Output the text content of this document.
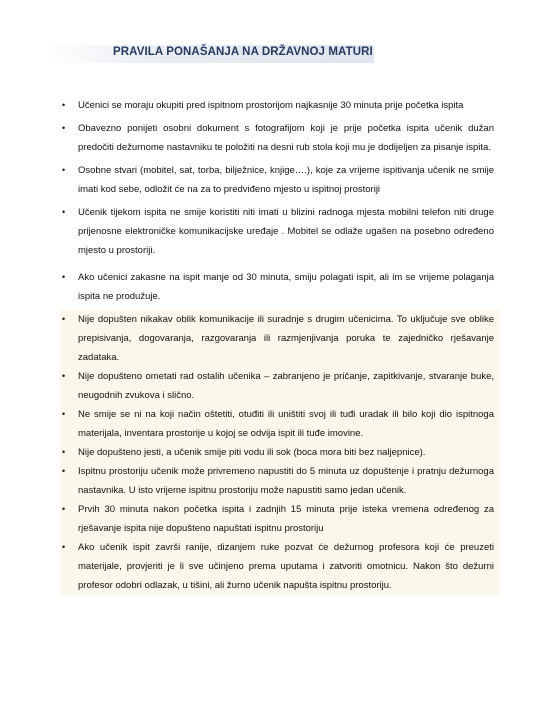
PRAVILA PONAŠANJA NA DRŽAVNOJ MATURI
• Učenici se moraju okupiti pred ispitnom prostorijom najkasnije 30 minuta prije početka ispita
• Obavezno ponijeti osobni dokument s fotografijom koji je prije početka ispita učenik dužan predočiti dežurnome nastavniku te položiti na desni rub stola koji mu je dodijeljen za pisanje ispita.
• Osobne stvari (mobitel, sat, torba, bilježnice, knjige….), koje za vrijeme ispitivanja učenik ne smije imati kod sebe, odložit će na za to predviđeno mjesto u ispitnoj prostoriji
• Učenik tijekom ispita ne smije koristiti niti imati u blizini radnoga mjesta mobilni telefon niti druge prijenosne elektroničke komunikacijske uređaje . Mobitel se odlaže ugašen na posebno određeno mjesto u prostoriji.
• Ako učenici zakasne na ispit manje od 30 minuta, smiju polagati ispit, ali im se vrijeme polaganja ispita ne produžuje.
• Nije dopušten nikakav oblik komunikacije ili suradnje s drugim učenicima. To uključuje sve oblike prepisivanja, dogovaranja, razgovaranja ili razmjenjivanja poruka te zajedničko rješavanje zadataka.
• Nije dopušteno ometati rad ostalih učenika – zabranjeno je pričanje, zapitkivanje, stvaranje buke, neugodnih zvukova i slično.
• Ne smije se ni na koji način oštetiti, otuđiti ili uništiti svoj ili tuđi uradak ili bilo koji dio ispitnoga materijala, inventara prostorije u kojoj se odvija ispit ili tuđe imovine.
• Nije dopušteno jesti, a učenik smije piti vodu ili sok (boca mora biti bez naljepnice).
• Ispitnu prostoriju učenik može privremeno napustiti do 5 minuta uz dopuštenje i pratnju dežurnoga nastavnika. U isto vrijeme ispitnu prostoriju može napustiti samo jedan učenik.
• Prvih 30 minuta nakon početka ispita i zadnjih 15 minuta prije isteka vremena određenog za rješavanje ispita nije dopušteno napuštati ispitnu prostoriju
• Ako učenik ispit završi ranije, dizanjem ruke pozvat će dežurnog profesora koji će preuzeti materijale, provjeriti je li sve učinjeno prema uputama i zatvoriti omotnicu. Nakon što dežurni profesor odobri odlazak, u tišini, ali žurno učenik napušta ispitnu prostoriju.
